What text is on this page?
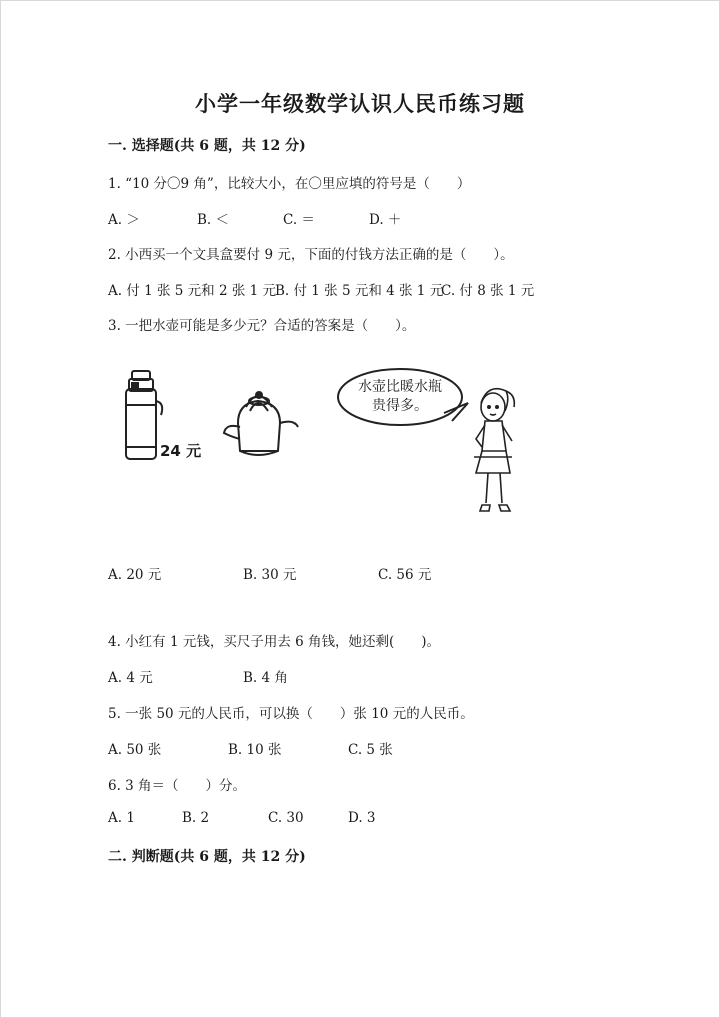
小学一年级数学认识人民币练习题
一. 选择题(共 6 题，共 12 分)
1. “10 分〇9 角”，比较大小，在〇里应填的符号是（　　）
A. ＞	B. ＜	C. ＝	D. ＋
2. 小西买一个文具盒要付 9 元，下面的付钱方法正确的是（　　）。
A. 付 1 张 5 元和 2 张 1 元
B. 付 1 张 5 元和 4 张 1 元
C. 付 8 张 1 元
3. 一把水壶可能是多少元？合适的答案是（　　）。
24 元
水壶比暖水瓶
贵得多。
A. 20 元	B. 30 元	C. 56 元
4. 小红有 1 元钱，买尺子用去 6 角钱，她还剩(　　)。
A. 4 元	B. 4 角
5. 一张 50 元的人民币，可以换（　　）张 10 元的人民币。
A. 50 张	B. 10 张	C. 5 张
6. 3 角＝（　　）分。
A. 1	B. 2	C. 30	D. 3
二. 判断题(共 6 题，共 12 分)
